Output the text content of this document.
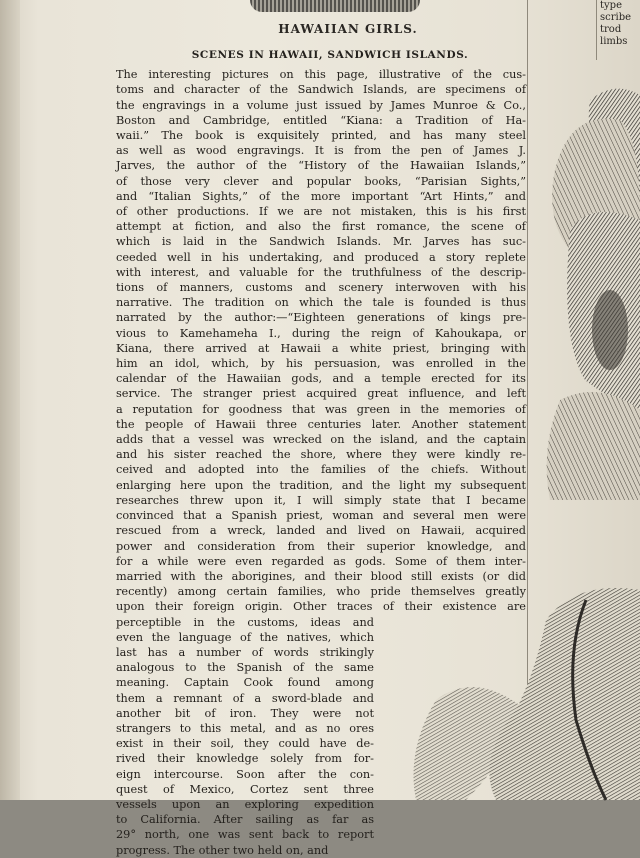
HAWAIIAN GIRLS.
type
scribe
trod
limbs
SCENES IN HAWAII, SANDWICH ISLANDS.
The interesting pictures on this page, illustrative of the cus-
toms and character of the Sandwich Islands, are specimens of
the engravings in a volume just issued by James Munroe & Co.,
Boston and Cambridge, entitled “Kiana: a Tradition of Ha-
waii.” The book is exquisitely printed, and has many steel
as well as wood engravings. It is from the pen of James J.
Jarves, the author of the “History of the Hawaiian Islands,”
of those very clever and popular books, “Parisian Sights,”
and “Italian Sights,” of the more important “Art Hints,” and
of other productions. If we are not mistaken, this is his first
attempt at fiction, and also the first romance, the scene of
which is laid in the Sandwich Islands. Mr. Jarves has suc-
ceeded well in his undertaking, and produced a story replete
with interest, and valuable for the truthfulness of the descrip-
tions of manners, customs and scenery interwoven with his
narrative. The tradition on which the tale is founded is thus
narrated by the author:—“Eighteen generations of kings pre-
vious to Kamehameha I., during the reign of Kahoukapa, or
Kiana, there arrived at Hawaii a white priest, bringing with
him an idol, which, by his persuasion, was enrolled in the
calendar of the Hawaiian gods, and a temple erected for its
service. The stranger priest acquired great influence, and left
a reputation for goodness that was green in the memories of
the people of Hawaii three centuries later. Another statement
adds that a vessel was wrecked on the island, and the captain
and his sister reached the shore, where they were kindly re-
ceived and adopted into the families of the chiefs. Without
enlarging here upon the tradition, and the light my subsequent
researches threw upon it, I will simply state that I became
convinced that a Spanish priest, woman and several men were
rescued from a wreck, landed and lived on Hawaii, acquired
power and consideration from their superior knowledge, and
for a while were even regarded as gods. Some of them inter-
married with the aborigines, and their blood still exists (or did
recently) among certain families, who pride themselves greatly
upon their foreign origin. Other traces of their existence are
perceptible in the customs, ideas and
even the language of the natives, which
last has a number of words strikingly
analogous to the Spanish of the same
meaning. Captain Cook found among
them a remnant of a sword-blade and
another bit of iron. They were not
strangers to this metal, and as no ores
exist in their soil, they could have de-
rived their knowledge solely from for-
eign intercourse. Soon after the con-
quest of Mexico, Cortez sent three
vessels upon an exploring expedition
to California. After sailing as far as
29° north, one was sent back to report
progress. The other two held on, and
